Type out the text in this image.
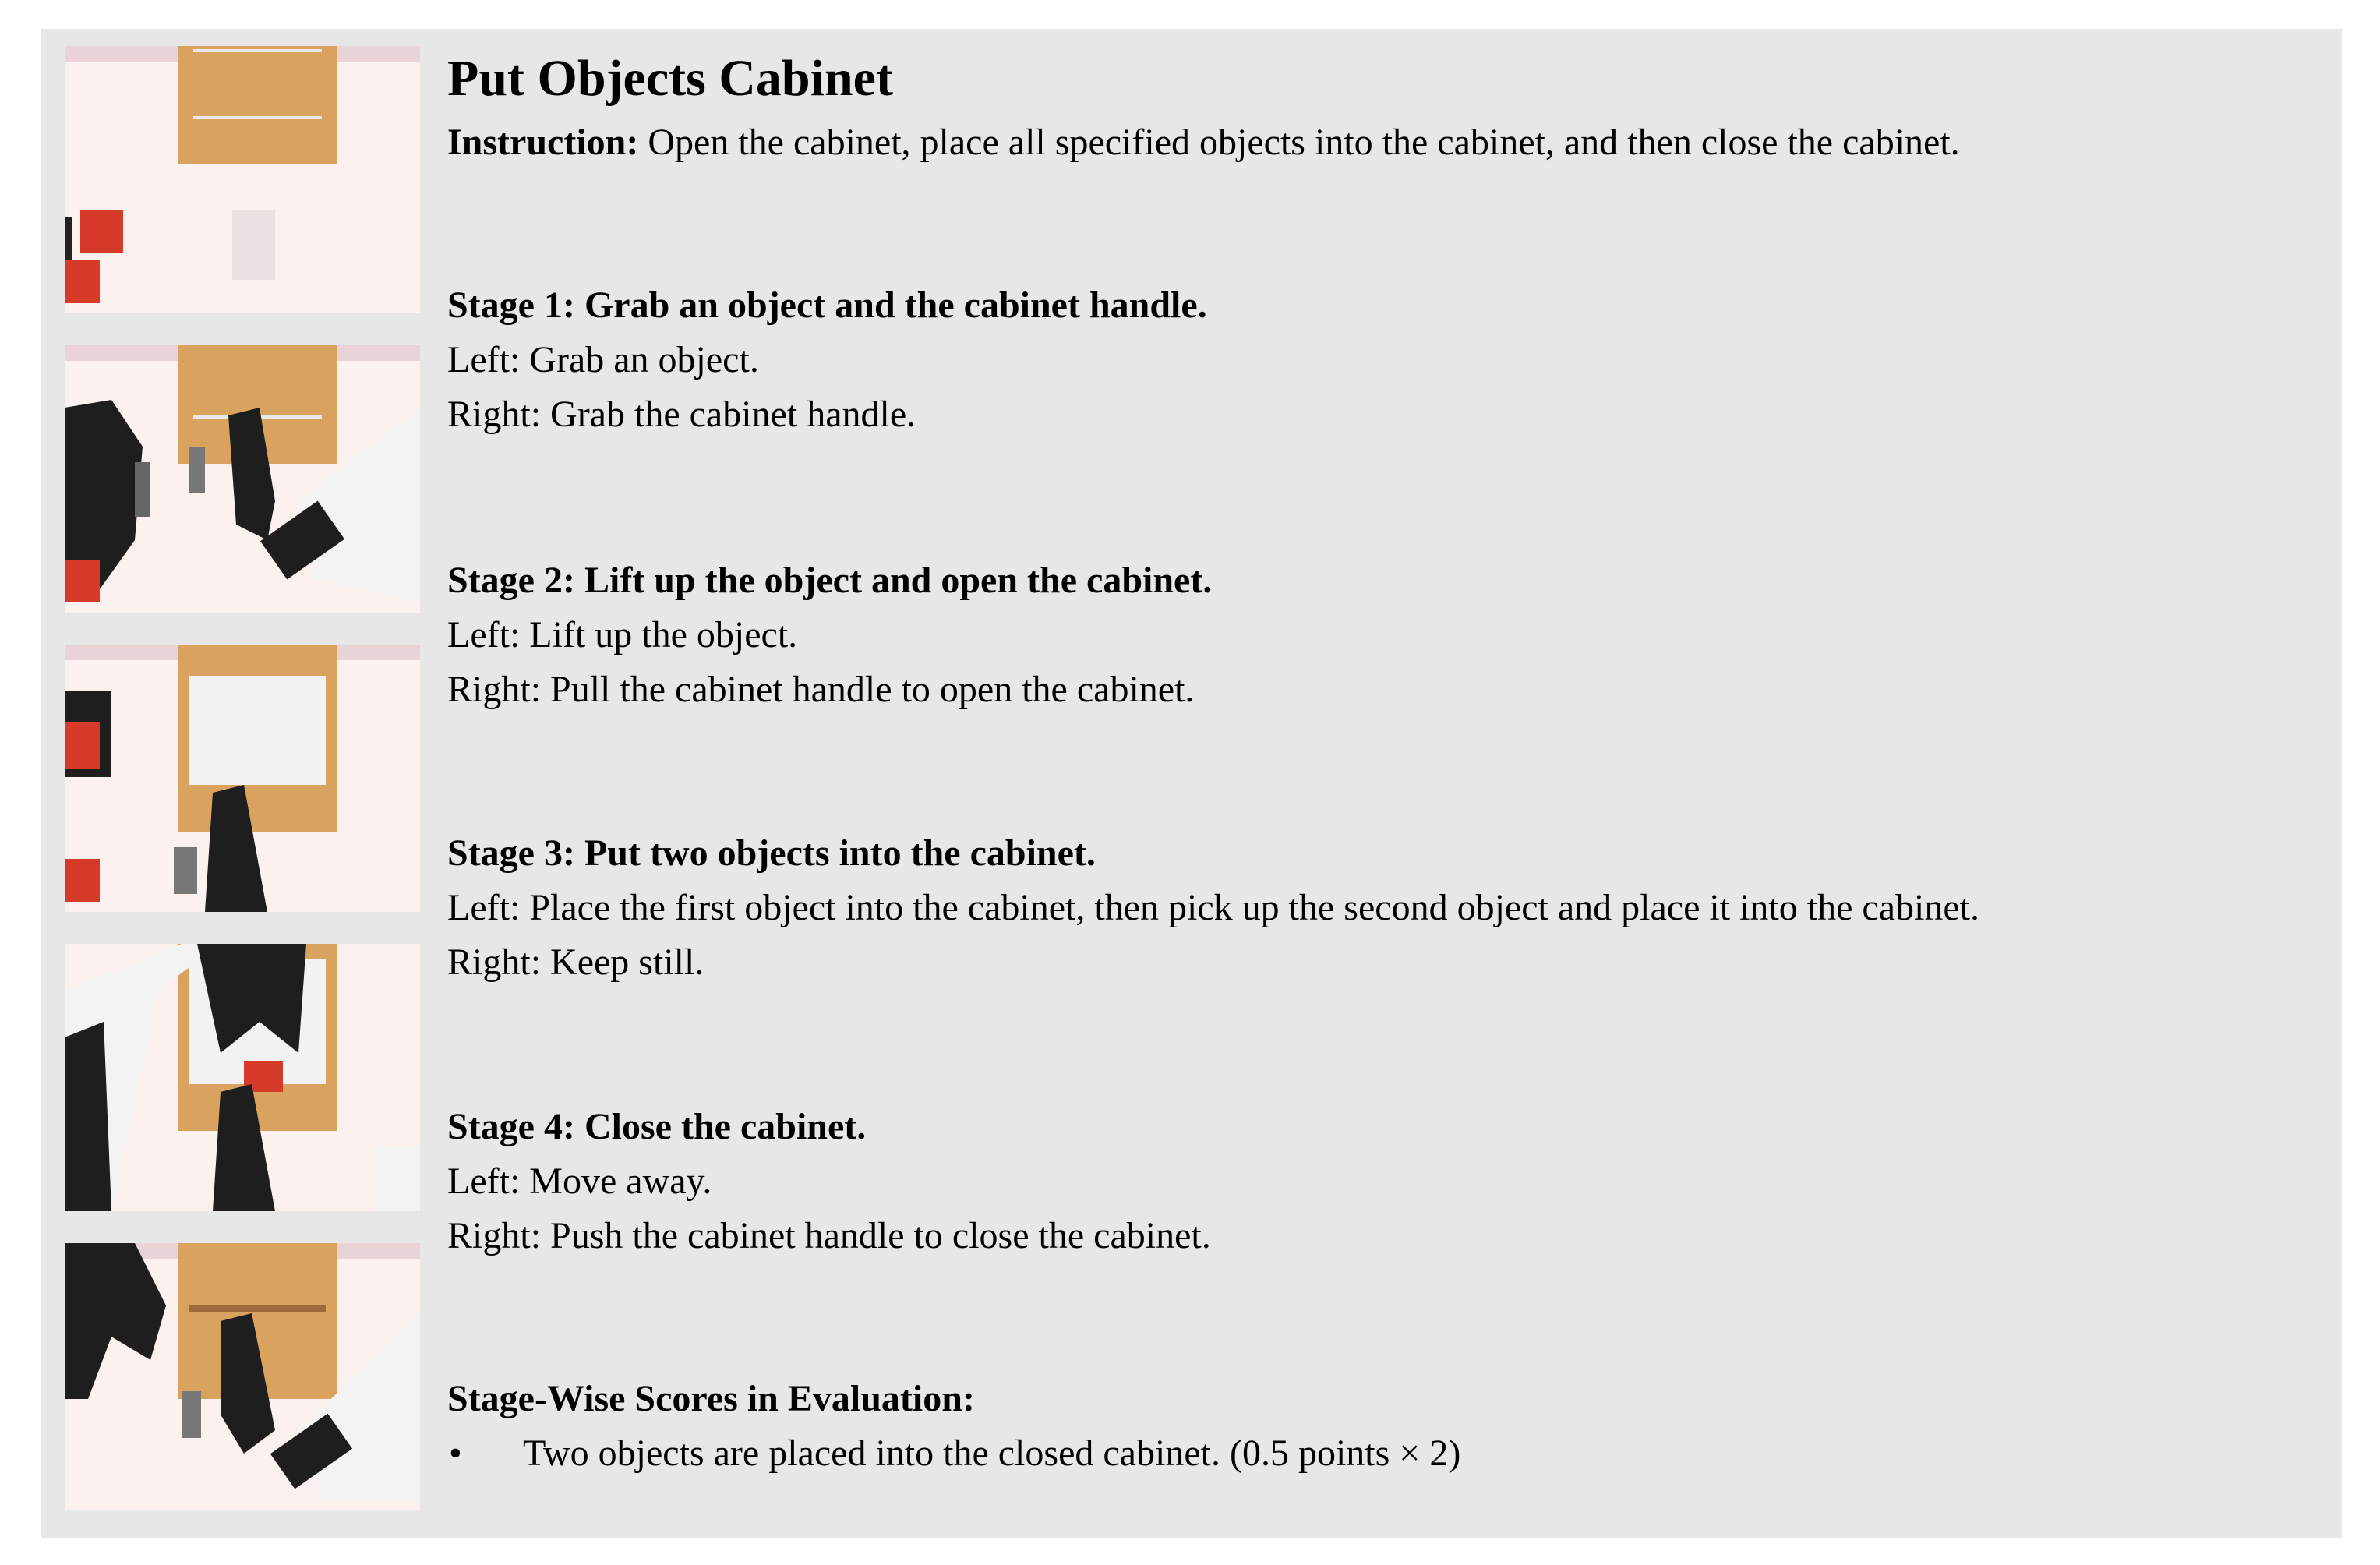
Put Objects Cabinet
Instruction: Open the cabinet, place all specified objects into the cabinet, and then close the cabinet.
Stage 1: Grab an object and the cabinet handle.
Left: Grab an object.
Right: Grab the cabinet handle.
Stage 2: Lift up the object and open the cabinet.
Left: Lift up the object.
Right: Pull the cabinet handle to open the cabinet.
Stage 3: Put two objects into the cabinet.
Left: Place the first object into the cabinet, then pick up the second object and place it into the cabinet.
Right: Keep still.
Stage 4: Close the cabinet.
Left: Move away.
Right: Push the cabinet handle to close the cabinet.
Stage-Wise Scores in Evaluation:
• Two objects are placed into the closed cabinet. (0.5 points × 2)
